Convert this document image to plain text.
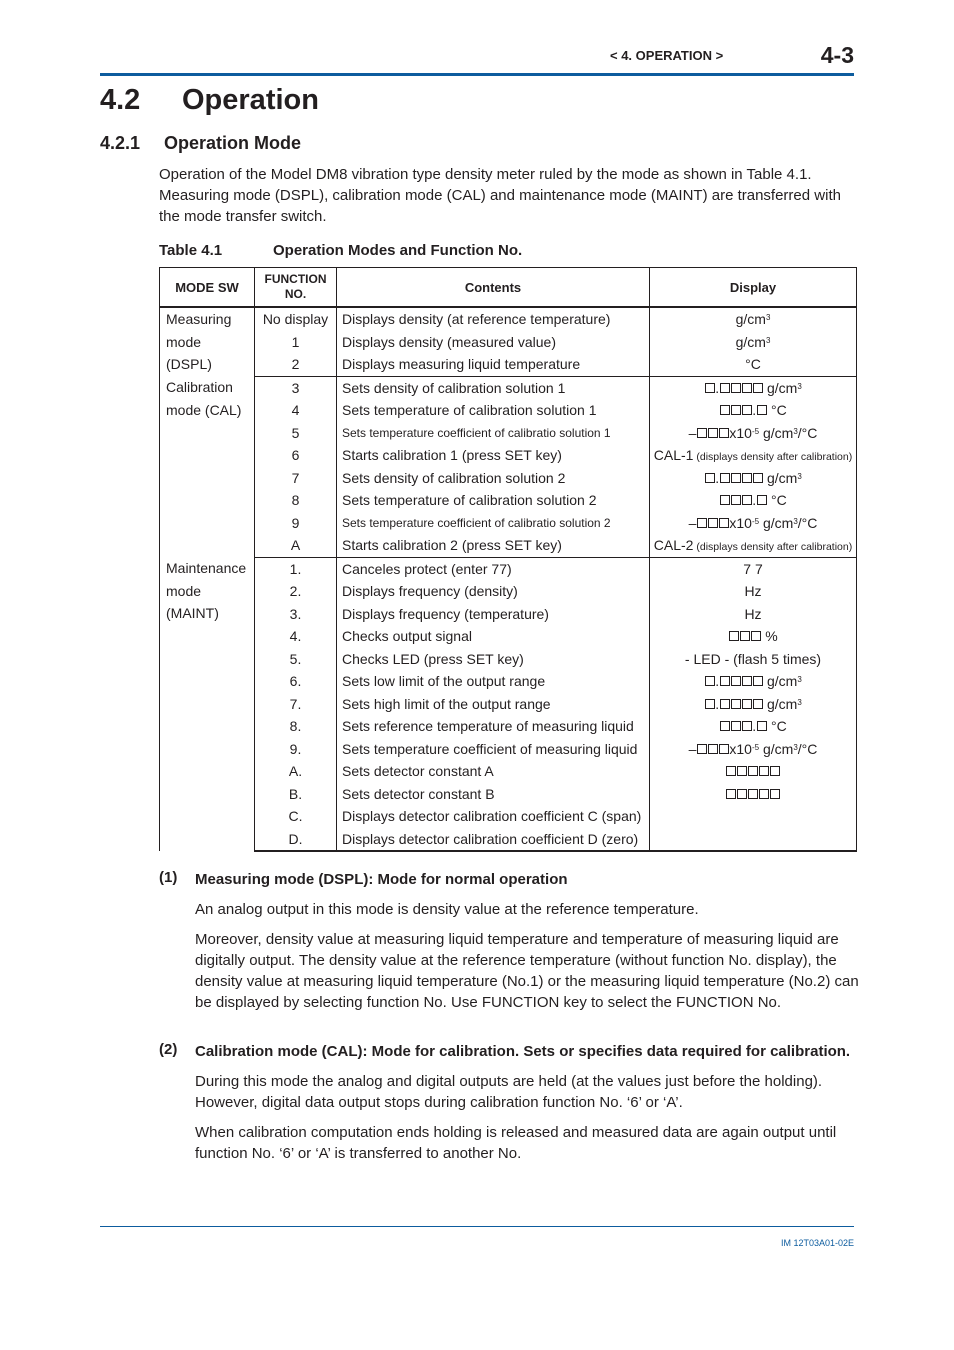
< 4. OPERATION >	4-3
4.2 Operation
4.2.1 Operation Mode

Operation of the Model DM8 vibration type density meter ruled by the mode as shown in Table 4.1. Measuring mode (DSPL), calibration mode (CAL) and maintenance mode (MAINT) are transferred with the mode transfer switch.

Table 4.1	Operation Modes and Function No.
MODE SW	FUNCTION NO.	Contents	Display

Measuring
mode
(DSPL)	No display	Displays density (at reference temperature)	$g/cm^3$

	1	Displays density (measured value)	$g/cm^3$

	2	Displays measuring liquid temperature	°C

Calibration
mode (CAL)	3	Sets density of calibration solution 1	. $g/cm^3$

	4	Sets temperature of calibration solution 1	. °C

	5	Sets temperature coefficient of calibratio solution 1	– $x10^{-5}$ $g/cm^3/^\circ C$

	6	Starts calibration 1 (press SET key)	CAL-1 (displays density after calibration)

	7	Sets density of calibration solution 2	. $g/cm^3$

	8	Sets temperature of calibration solution 2	. °C

	9	Sets temperature coefficient of calibratio solution 2	– $x10^{-5}$ $g/cm^3/^\circ C$

	A	Starts calibration 2 (press SET key)	CAL-2 (displays density after calibration)

Maintenance
mode
(MAINT)	1.	Canceles protect (enter 77)	7 7

	2.	Displays frequency (density)	Hz

	3.	Displays frequency (temperature)	Hz

	4.	Checks output signal	%

	5.	Checks LED (press SET key)	- LED - (flash 5 times)

	6.	Sets low limit of the output range	. $g/cm^3$

	7.	Sets high limit of the output range	. $g/cm^3$

	8.	Sets reference temperature of measuring liquid	. °C

	9.	Sets temperature coefficient of measuring liquid	– $x10^{-5}$ $g/cm^3/^\circ C$

	A.	Sets detector constant A	

	B.	Sets detector constant B	

	C.	Displays detector calibration coefficient C (span)	

	D.	Displays detector calibration coefficient D (zero)	

(1) Measuring mode (DSPL): Mode for normal operation

An analog output in this mode is density value at the reference temperature.

Moreover, density value at measuring liquid temperature and temperature of measuring liquid are digitally output. The density value at the reference temperature (without function No. display), the density value at measuring liquid temperature (No.1) or the measuring liquid temperature (No.2) can be displayed by selecting function No. Use FUNCTION key to select the FUNCTION No.

(2) Calibration mode (CAL): Mode for calibration. Sets or specifies data required for calibration.

During this mode the analog and digital outputs are held (at the values just before the holding). However, digital data output stops during calibration function No. ‘6’ or ‘A’.

When calibration computation ends holding is released and measured data are again output until function No. ‘6’ or ‘A’ is transferred to another No.

IM 12T03A01-02E
